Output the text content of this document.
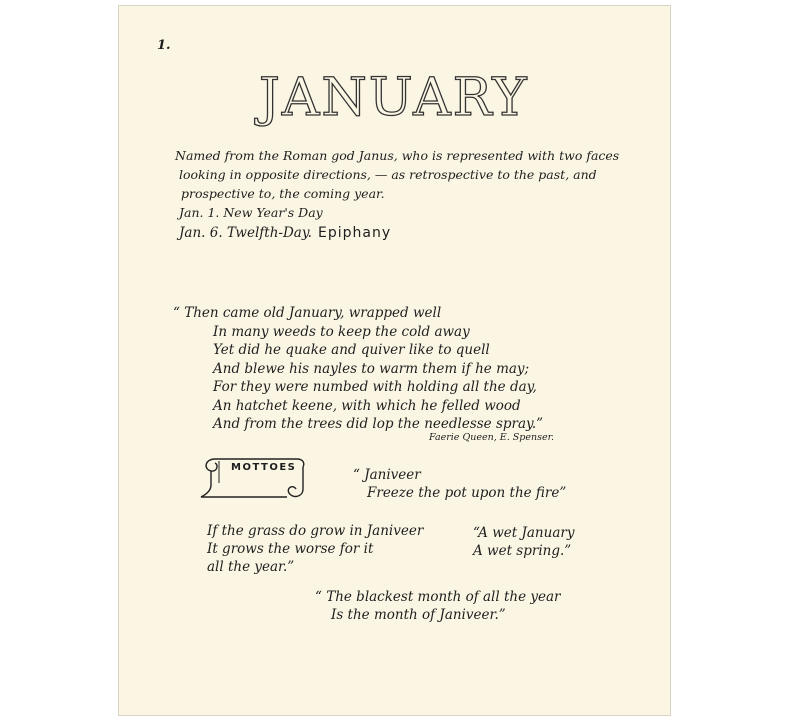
1.
JANUARY
Named from the Roman god Janus, who is represented with two faces
looking in opposite directions, — as retrospective to the past, and
prospective to, the coming year.
Jan. 1. New Year's Day
Jan. 6. Twelfth-Day. Epiphany
“ Then came old January, wrapped well
In many weeds to keep the cold away
Yet did he quake and quiver like to quell
And blewe his nayles to warm them if he may;
For they were numbed with holding all the day,
An hatchet keene, with which he felled wood
And from the trees did lop the needlesse spray.”
Faerie Queen, E. Spenser.
MOTTOES	“ Janiveer
Freeze the pot upon the fire”
If the grass do grow in Janiveer
It grows the worse for it
all the year.”
“A wet January
A wet spring.”
“ The blackest month of all the year
Is the month of Janiveer.”
